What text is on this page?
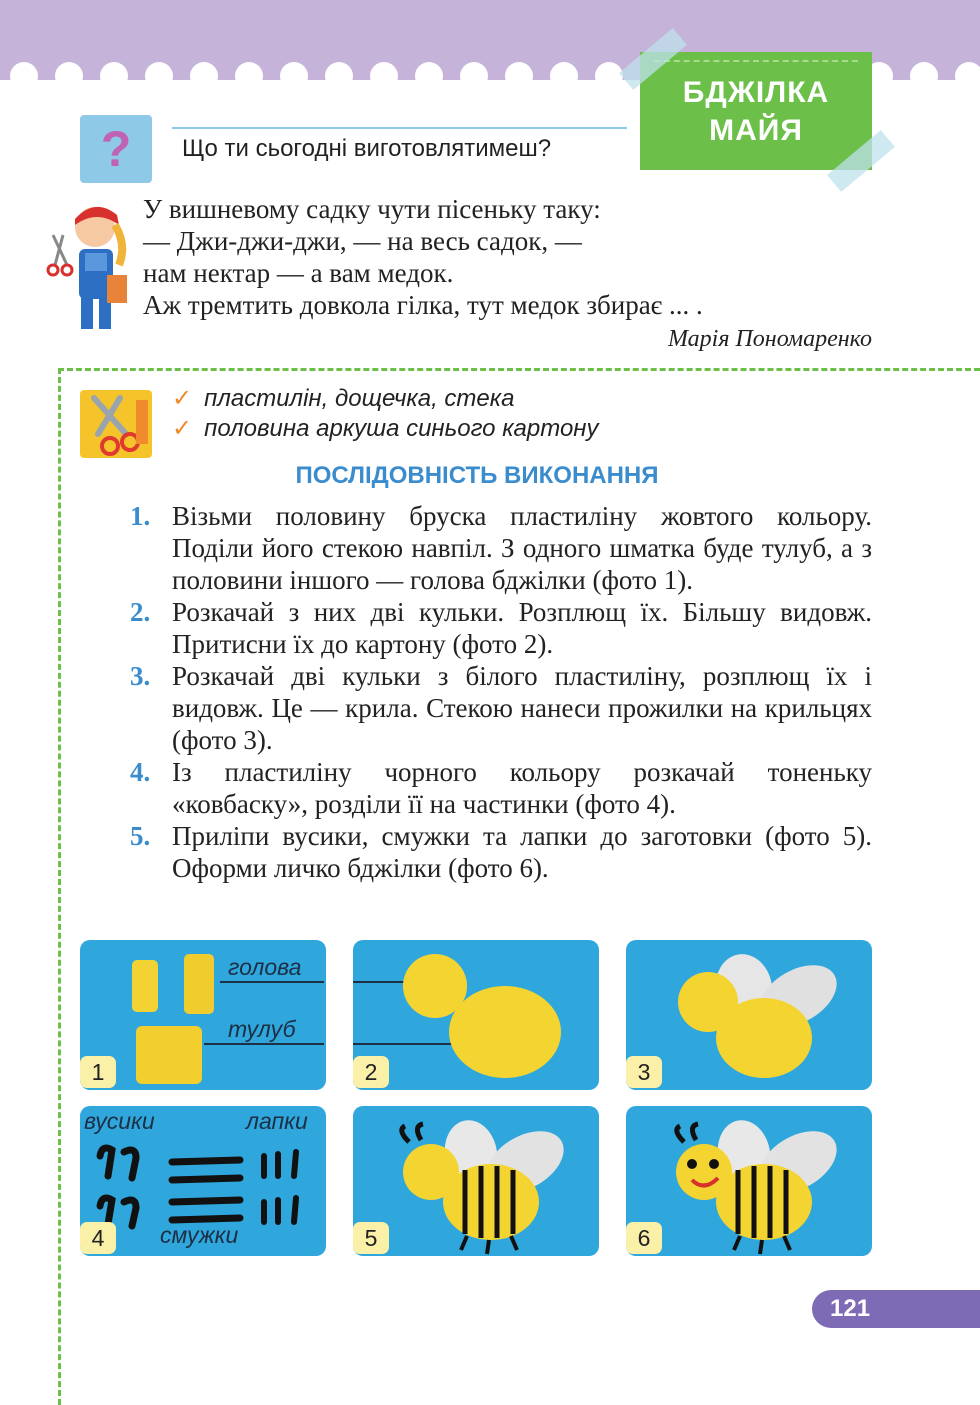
БДЖІЛКА
МАЙЯ
? Що ти сьогодні виготовлятимеш?
У вишневому садку чути пісеньку таку:
— Джи-джи-джи, — на весь садок, —
нам нектар — а вам медок.
Аж тремтить довкола гілка, тут медок збирає ... .
Марія Пономаренко
✓ пластилін, дощечка, стека
✓ половина аркуша синього картону
ПОСЛІДОВНІСТЬ ВИКОНАННЯ
1. Візьми половину бруска пластиліну жовтого кольору. Поділи його стекою навпіл. З одного шматка буде тулуб, а з половини іншого — голова бджілки (фото 1).
2. Розкачай з них дві кульки. Розплющ їх. Більшу видовж. Притисни їх до картону (фото 2).
3. Розкачай дві кульки з білого пластиліну, розплющ їх і видовж. Це — крила. Стекою нанеси прожилки на крильцях (фото 3).
4. Із пластиліну чорного кольору розкачай тоненьку «ковбаску», розділи її на частинки (фото 4).
5. Приліпи вусики, смужки та лапки до заготовки (фото 5). Оформи личко бджілки (фото 6).
голова
тулуб
1	2	3
вусики	лапки
смужки
4	5	6
121
